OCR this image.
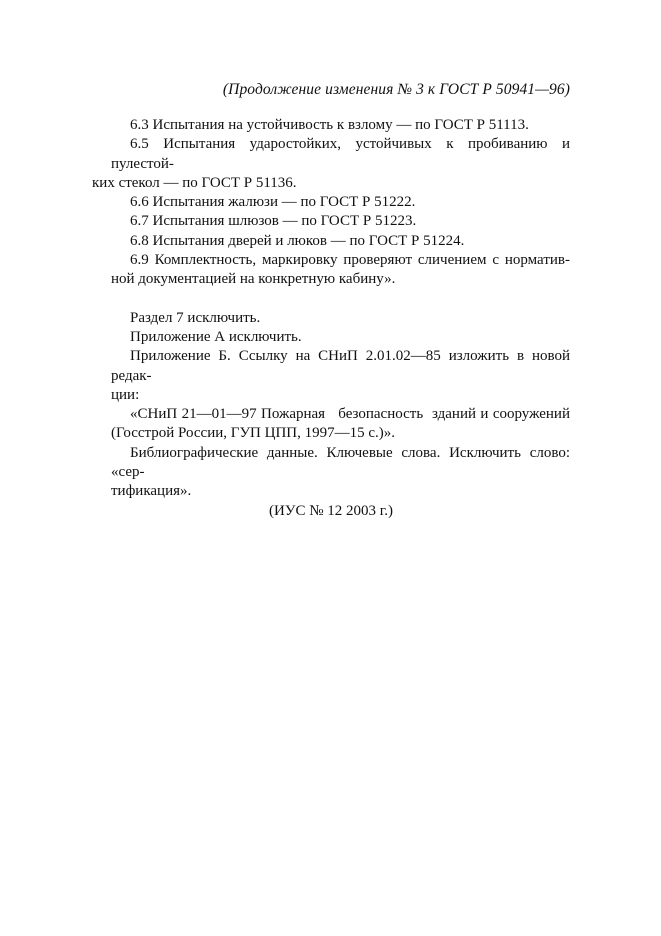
(Продолжение изменения № 3 к ГОСТ Р 50941—96)

6.3 Испытания на устойчивость к взлому — по ГОСТ Р 51113.

6.5 Испытания ударостойких, устойчивых к пробиванию и пулестой-
ких стекол — по ГОСТ Р 51136.

6.6 Испытания жалюзи — по ГОСТ Р 51222.

6.7 Испытания шлюзов — по ГОСТ Р 51223.

6.8 Испытания дверей и люков — по ГОСТ Р 51224.

6.9 Комплектность, маркировку проверяют сличением с норматив-
ной документацией на конкретную кабину».

Раздел 7 исключить.

Приложение А исключить.

Приложение Б. Ссылку на СНиП 2.01.02—85 изложить в новой редак-
ции:

«СНиП 21—01—97 Пожарная   безопасность  зданий и сооружений
(Госстрой России, ГУП ЦПП, 1997—15 с.)».

Библиографические данные. Ключевые слова. Исключить слово: «сер-
тификация».

(ИУС № 12 2003 г.)
